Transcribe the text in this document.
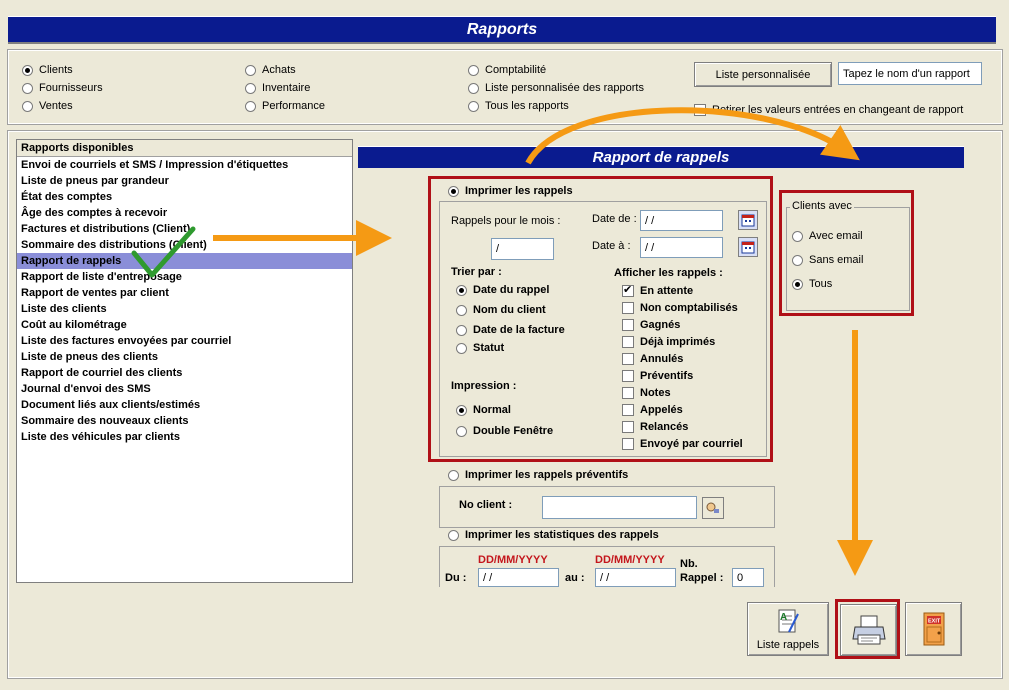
Rapports
Clients
Fournisseurs
Ventes
Achats
Inventaire
Performance
Comptabilité
Liste personnalisée des rapports
Tous les rapports
Liste personnalisée	Tapez le nom d'un rapport
Retirer les valeurs entrées en changeant de rapport
Rapports disponibles
Envoi de courriels et SMS / Impression d'étiquettes
Liste de pneus par grandeur
État des comptes
Âge des comptes à recevoir
Factures et distributions (Client)
Sommaire des distributions (Client)
Rapport de rappels
Rapport de liste d'entreposage
Rapport de ventes par client
Liste des clients
Coût au kilométrage
Liste des factures envoyées par courriel
Liste de pneus des clients
Rapport de courriel des clients
Journal d'envoi des SMS
Document liés aux clients/estimés
Sommaire des nouveaux clients
Liste des véhicules par clients
Rapport de rappels
Imprimer les rappels
Rappels pour le mois :
/
Date de : / /
Date à : / /
Trier par :
Date du rappel
Nom du client
Date de la facture
Statut
Impression :
Normal
Double Fenêtre
Afficher les rappels :
✔
En attente
Non comptabilisés
Gagnés
Déjà imprimés
Annulés
Préventifs
Notes
Appelés
Relancés
Envoyé par courriel
Clients avec
Avec email
Sans email
Tous
Imprimer les rappels préventifs
No client :
Imprimer les statistiques des rappels
DD/MM/YYYY	DD/MM/YYYY
Du : / /	au : / /
Nb.
Rappel : 0
A
Liste rappels
EXIT
